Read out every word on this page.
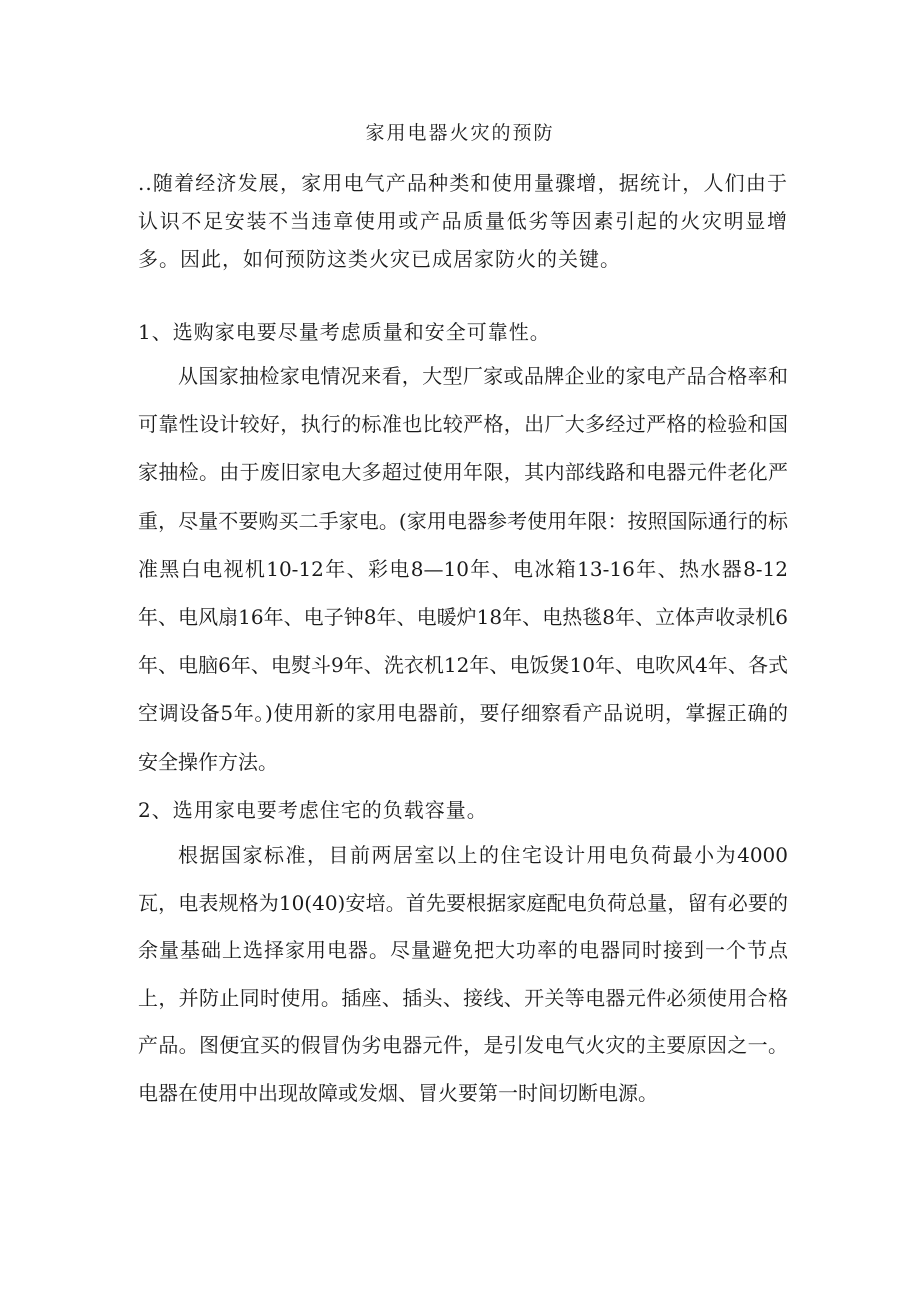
家用电器火灾的预防

..随着经济发展，家用电气产品种类和使用量骤增，据统计，人们由于认识不足安装不当违章使用或产品质量低劣等因素引起的火灾明显增多。因此，如何预防这类火灾已成居家防火的关键。

1、选购家电要尽量考虑质量和安全可靠性。

从国家抽检家电情况来看，大型厂家或品牌企业的家电产品合格率和可靠性设计较好，执行的标准也比较严格，出厂大多经过严格的检验和国家抽检。由于废旧家电大多超过使用年限，其内部线路和电器元件老化严重，尽量不要购买二手家电。(家用电器参考使用年限：按照国际通行的标准黑白电视机10-12年、彩电8—10年、电冰箱13-16年、热水器8-12年、电风扇16年、电子钟8年、电暖炉18年、电热毯8年、立体声收录机6年、电脑6年、电熨斗9年、洗衣机12年、电饭煲10年、电吹风4年、各式空调设备5年。)使用新的家用电器前，要仔细察看产品说明，掌握正确的安全操作方法。

2、选用家电要考虑住宅的负载容量。

根据国家标准，目前两居室以上的住宅设计用电负荷最小为4000瓦，电表规格为10(40)安培。首先要根据家庭配电负荷总量，留有必要的余量基础上选择家用电器。尽量避免把大功率的电器同时接到一个节点上，并防止同时使用。插座、插头、接线、开关等电器元件必须使用合格产品。图便宜买的假冒伪劣电器元件，是引发电气火灾的主要原因之一。电器在使用中出现故障或发烟、冒火要第一时间切断电源。
